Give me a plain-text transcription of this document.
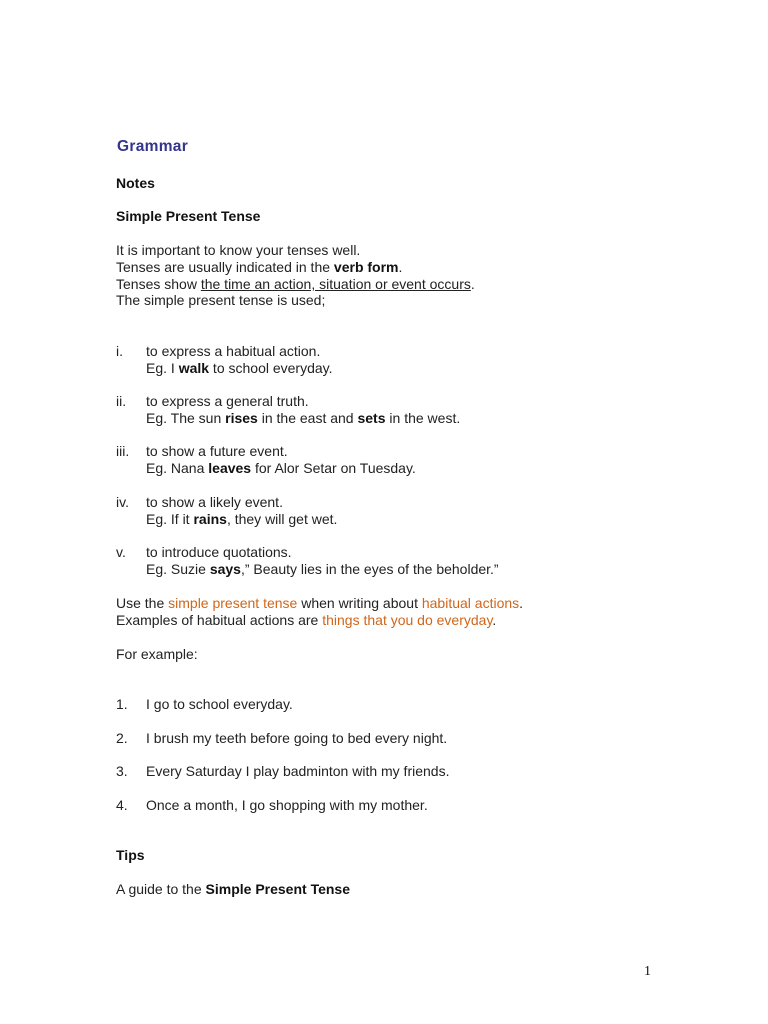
Grammar
Notes
Simple Present Tense
It is important to know your tenses well.
Tenses are usually indicated in the verb form.
Tenses show the time an action, situation or event occurs.
The simple present tense is used;
i. to express a habitual action.
Eg. I walk to school everyday.
ii. to express a general truth.
Eg. The sun rises in the east and sets in the west.
iii. to show a future event.
Eg. Nana leaves for Alor Setar on Tuesday.
iv. to show a likely event.
Eg. If it rains, they will get wet.
v. to introduce quotations.
Eg. Suzie says,” Beauty lies in the eyes of the beholder.”
Use the simple present tense when writing about habitual actions.
Examples of habitual actions are things that you do everyday.
For example:
1. I go to school everyday.
2. I brush my teeth before going to bed every night.
3. Every Saturday I play badminton with my friends.
4. Once a month, I go shopping with my mother.
Tips
A guide to the Simple Present Tense
1
